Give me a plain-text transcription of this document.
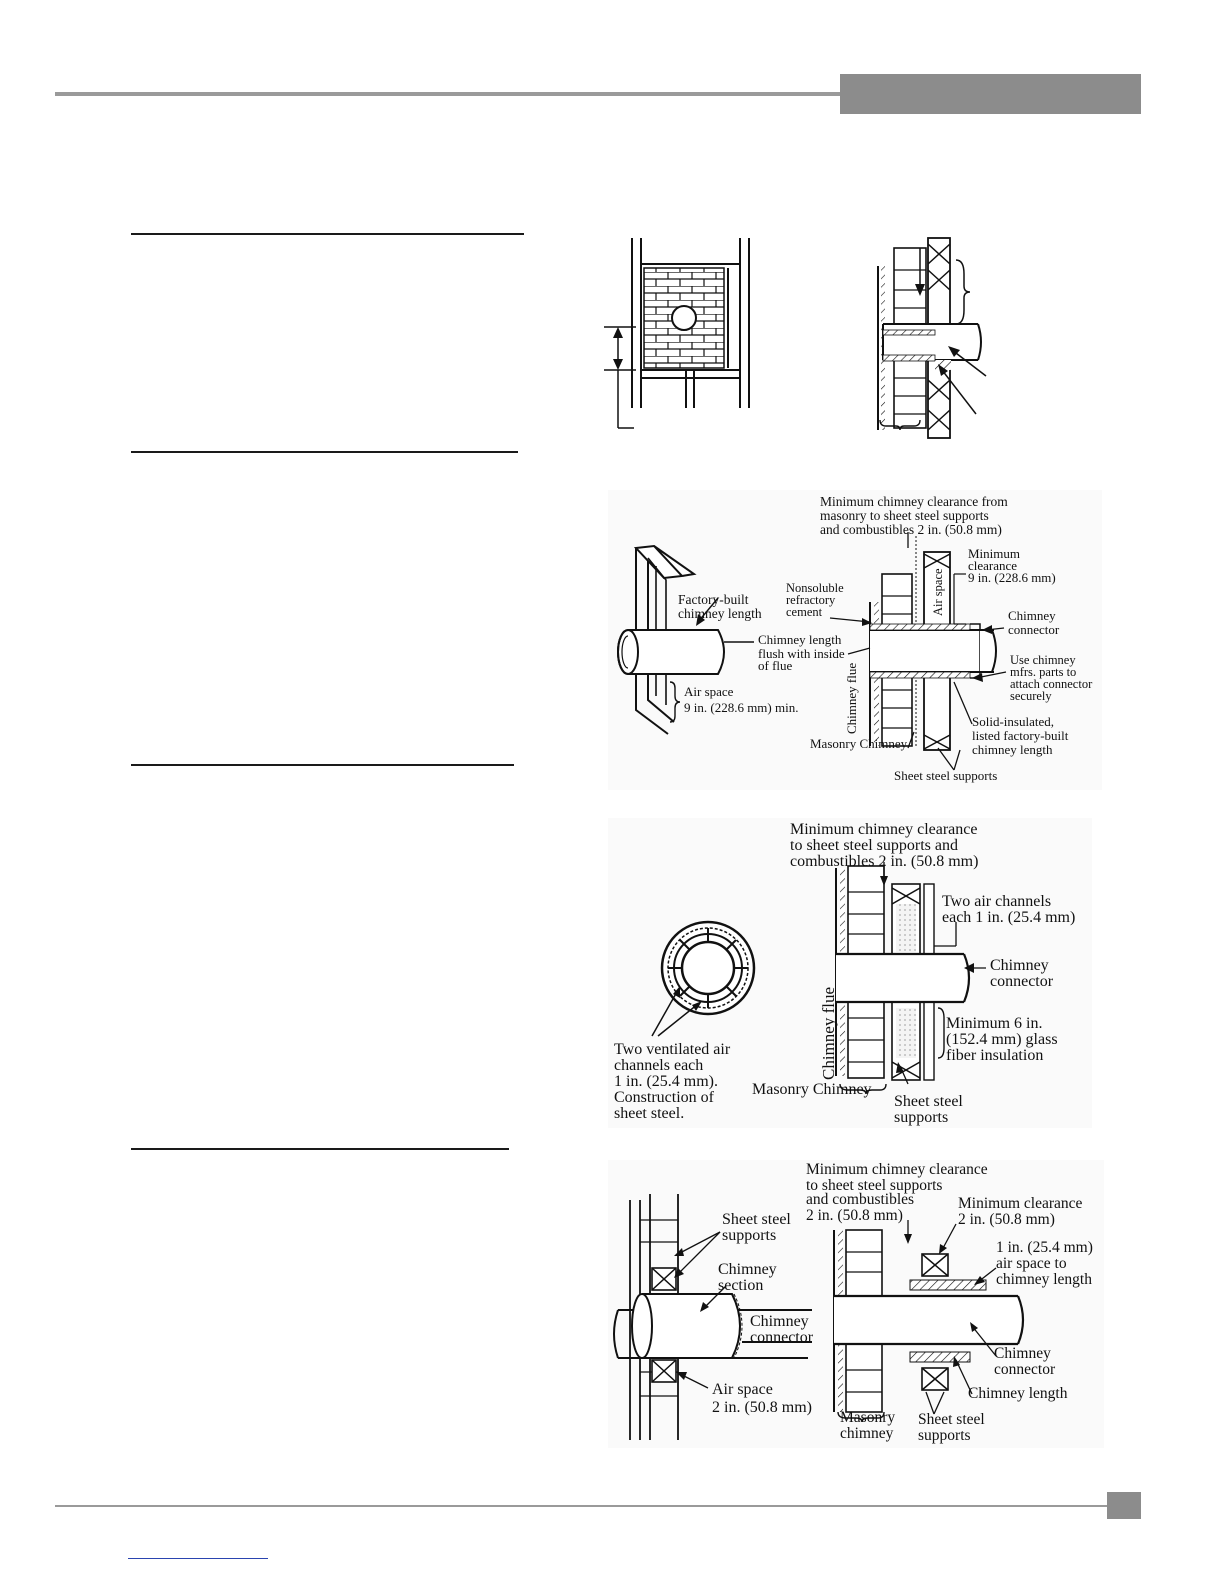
Factory-built chimney length
Air space 9 in. (228.6 mm) min.
Minimum chimney clearance from masonry to sheet steel supports and combustibles 2 in. (50.8 mm)
Minimum clearance 9 in. (228.6 mm)
Nonsoluble refractory cement	Air space	Chimney connector
Chimney length flush with inside of flue	Use chimney mfrs. parts to attach connector securely
Chimney flue	Solid-insulated, listed factory-built chimney length
Masonry Chimney
Sheet steel supports
Two ventilated air channels each 1 in. (25.4 mm). Construction of sheet steel.
Minimum chimney clearance to sheet steel supports and combustibles 2 in. (50.8 mm)
Two air channels each 1 in. (25.4 mm)
Chimney connector
Chimney flue	Minimum 6 in. (152.4 mm) glass fiber insulation
Masonry Chimney
Sheet steel supports
Sheet steel supports
Chimney section
Chimney connector
Air space 2 in. (50.8 mm)
Minimum chimney clearance to sheet steel supports and combustibles 2 in. (50.8 mm)
Minimum clearance 2 in. (50.8 mm)
1 in. (25.4 mm) air space to chimney length
Chimney connector
Chimney length
Masonry chimney
Sheet steel supports
